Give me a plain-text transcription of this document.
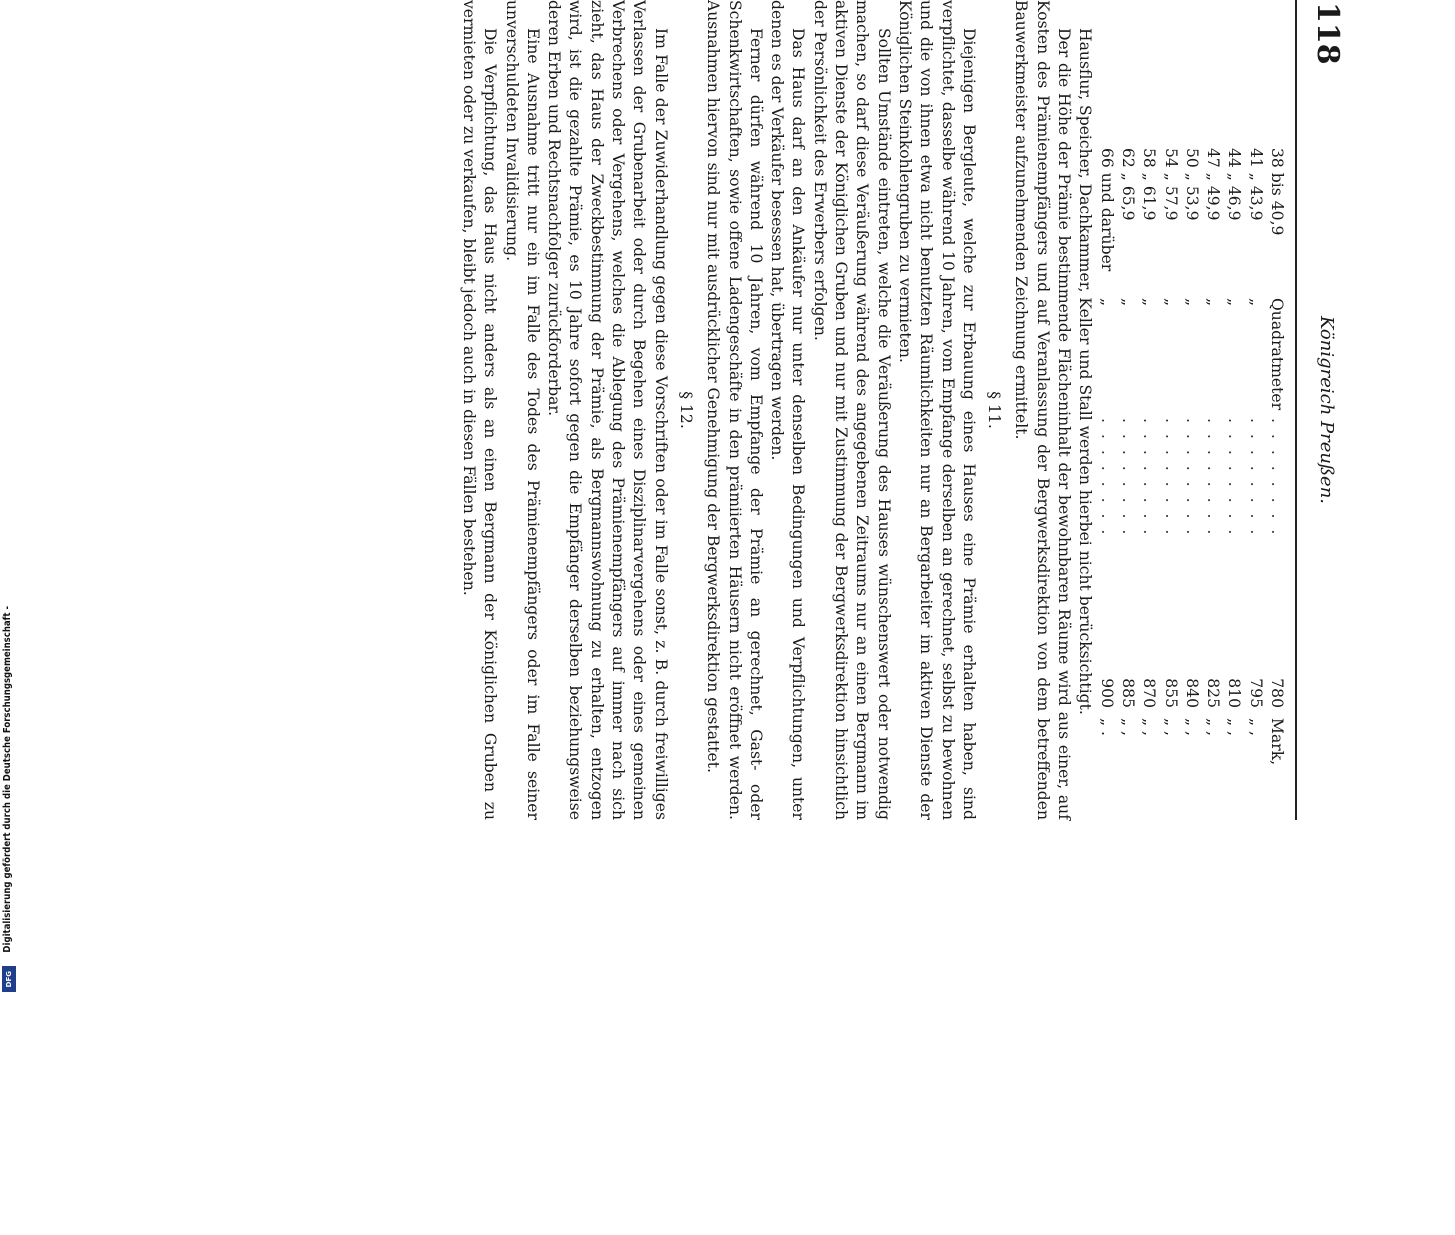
Digitalisierung gefördert durch die Deutsche Forschungsgemeinschaft -
DFG
118
Königreich Preußen.
38 bis 40,9
Quadratmeter
. . . . . . . .
780
Mark,
41 „ 43,9
„
. . . . . . . .
795
„ ,
44 „ 46,9
„
. . . . . . . .
810
„ ,
47 „ 49,9
„
. . . . . . . .
825
„ ,
50 „ 53,9
„
. . . . . . . .
840
„ ,
54 „ 57,9
„
. . . . . . . .
855
„ ,
58 „ 61,9
„
. . . . . . . .
870
„ ,
62 „ 65,9
„
. . . . . . . .
885
„ ,
66 und darüber
„
. . . . . . . .
900
„ .

Hausflur, Speicher, Dachkammer, Keller und Stall werden hierbei nicht berücksichtigt.

Der die Höhe der Prämie bestimmende Flächeninhalt der bewohnbaren Räume wird aus einer, auf Kosten des Prämienempfängers und auf Veranlassung der Bergwerksdirektion von dem betreffenden Bauwerkmeister aufzunehmenden Zeichnung ermittelt.

§ 11.

Diejenigen Bergleute, welche zur Erbauung eines Hauses eine Prämie erhalten haben, sind verpflichtet, dasselbe während 10 Jahren, vom Empfange derselben an gerechnet, selbst zu bewohnen und die von ihnen etwa nicht benutzten Räumlichkeiten nur an Bergarbeiter im aktiven Dienste der Königlichen Steinkohlengruben zu vermieten.

Sollten Umstände eintreten, welche die Veräußerung des Hauses wünschenswert oder notwendig machen, so darf diese Veräußerung während des angegebenen Zeitraums nur an einen Bergmann im aktiven Dienste der Königlichen Gruben und nur mit Zustimmung der Bergwerksdirektion hinsichtlich der Persönlichkeit des Erwerbers erfolgen.

Das Haus darf an den Ankäufer nur unter denselben Bedingungen und Verpflichtungen, unter denen es der Verkäufer besessen hat, übertragen werden.

Ferner dürfen während 10 Jahren, vom Empfange der Prämie an gerechnet, Gast- oder Schenkwirtschaften, sowie offene Ladengeschäfte in den prämiierten Häusern nicht eröffnet werden. Ausnahmen hiervon sind nur mit ausdrücklicher Genehmigung der Bergwerksdirektion gestattet.

§ 12.

Im Falle der Zuwiderhandlung gegen diese Vorschriften oder im Falle sonst, z. B. durch freiwilliges Verlassen der Grubenarbeit oder durch Begehen eines Disziplinarvergehens oder eines gemeinen Verbrechens oder Vergehens, welches die Ablegung des Prämienempfängers auf immer nach sich zieht, das Haus der Zweckbestimmung der Prämie, als Bergmannswohnung zu erhalten, entzogen wird, ist die gezahlte Prämie, es 10 Jahre sofort gegen die Empfänger derselben beziehungsweise deren Erben und Rechtsnachfolger zurückforderbar.

Eine Ausnahme tritt nur ein im Falle des Todes des Prämienempfängers oder im Falle seiner unverschuldeten Invalidisierung.

Die Verpflichtung, das Haus nicht anders als an einen Bergmann der Königlichen Gruben zu vermieten oder zu verkaufen, bleibt jedoch auch in diesen Fällen bestehen.
